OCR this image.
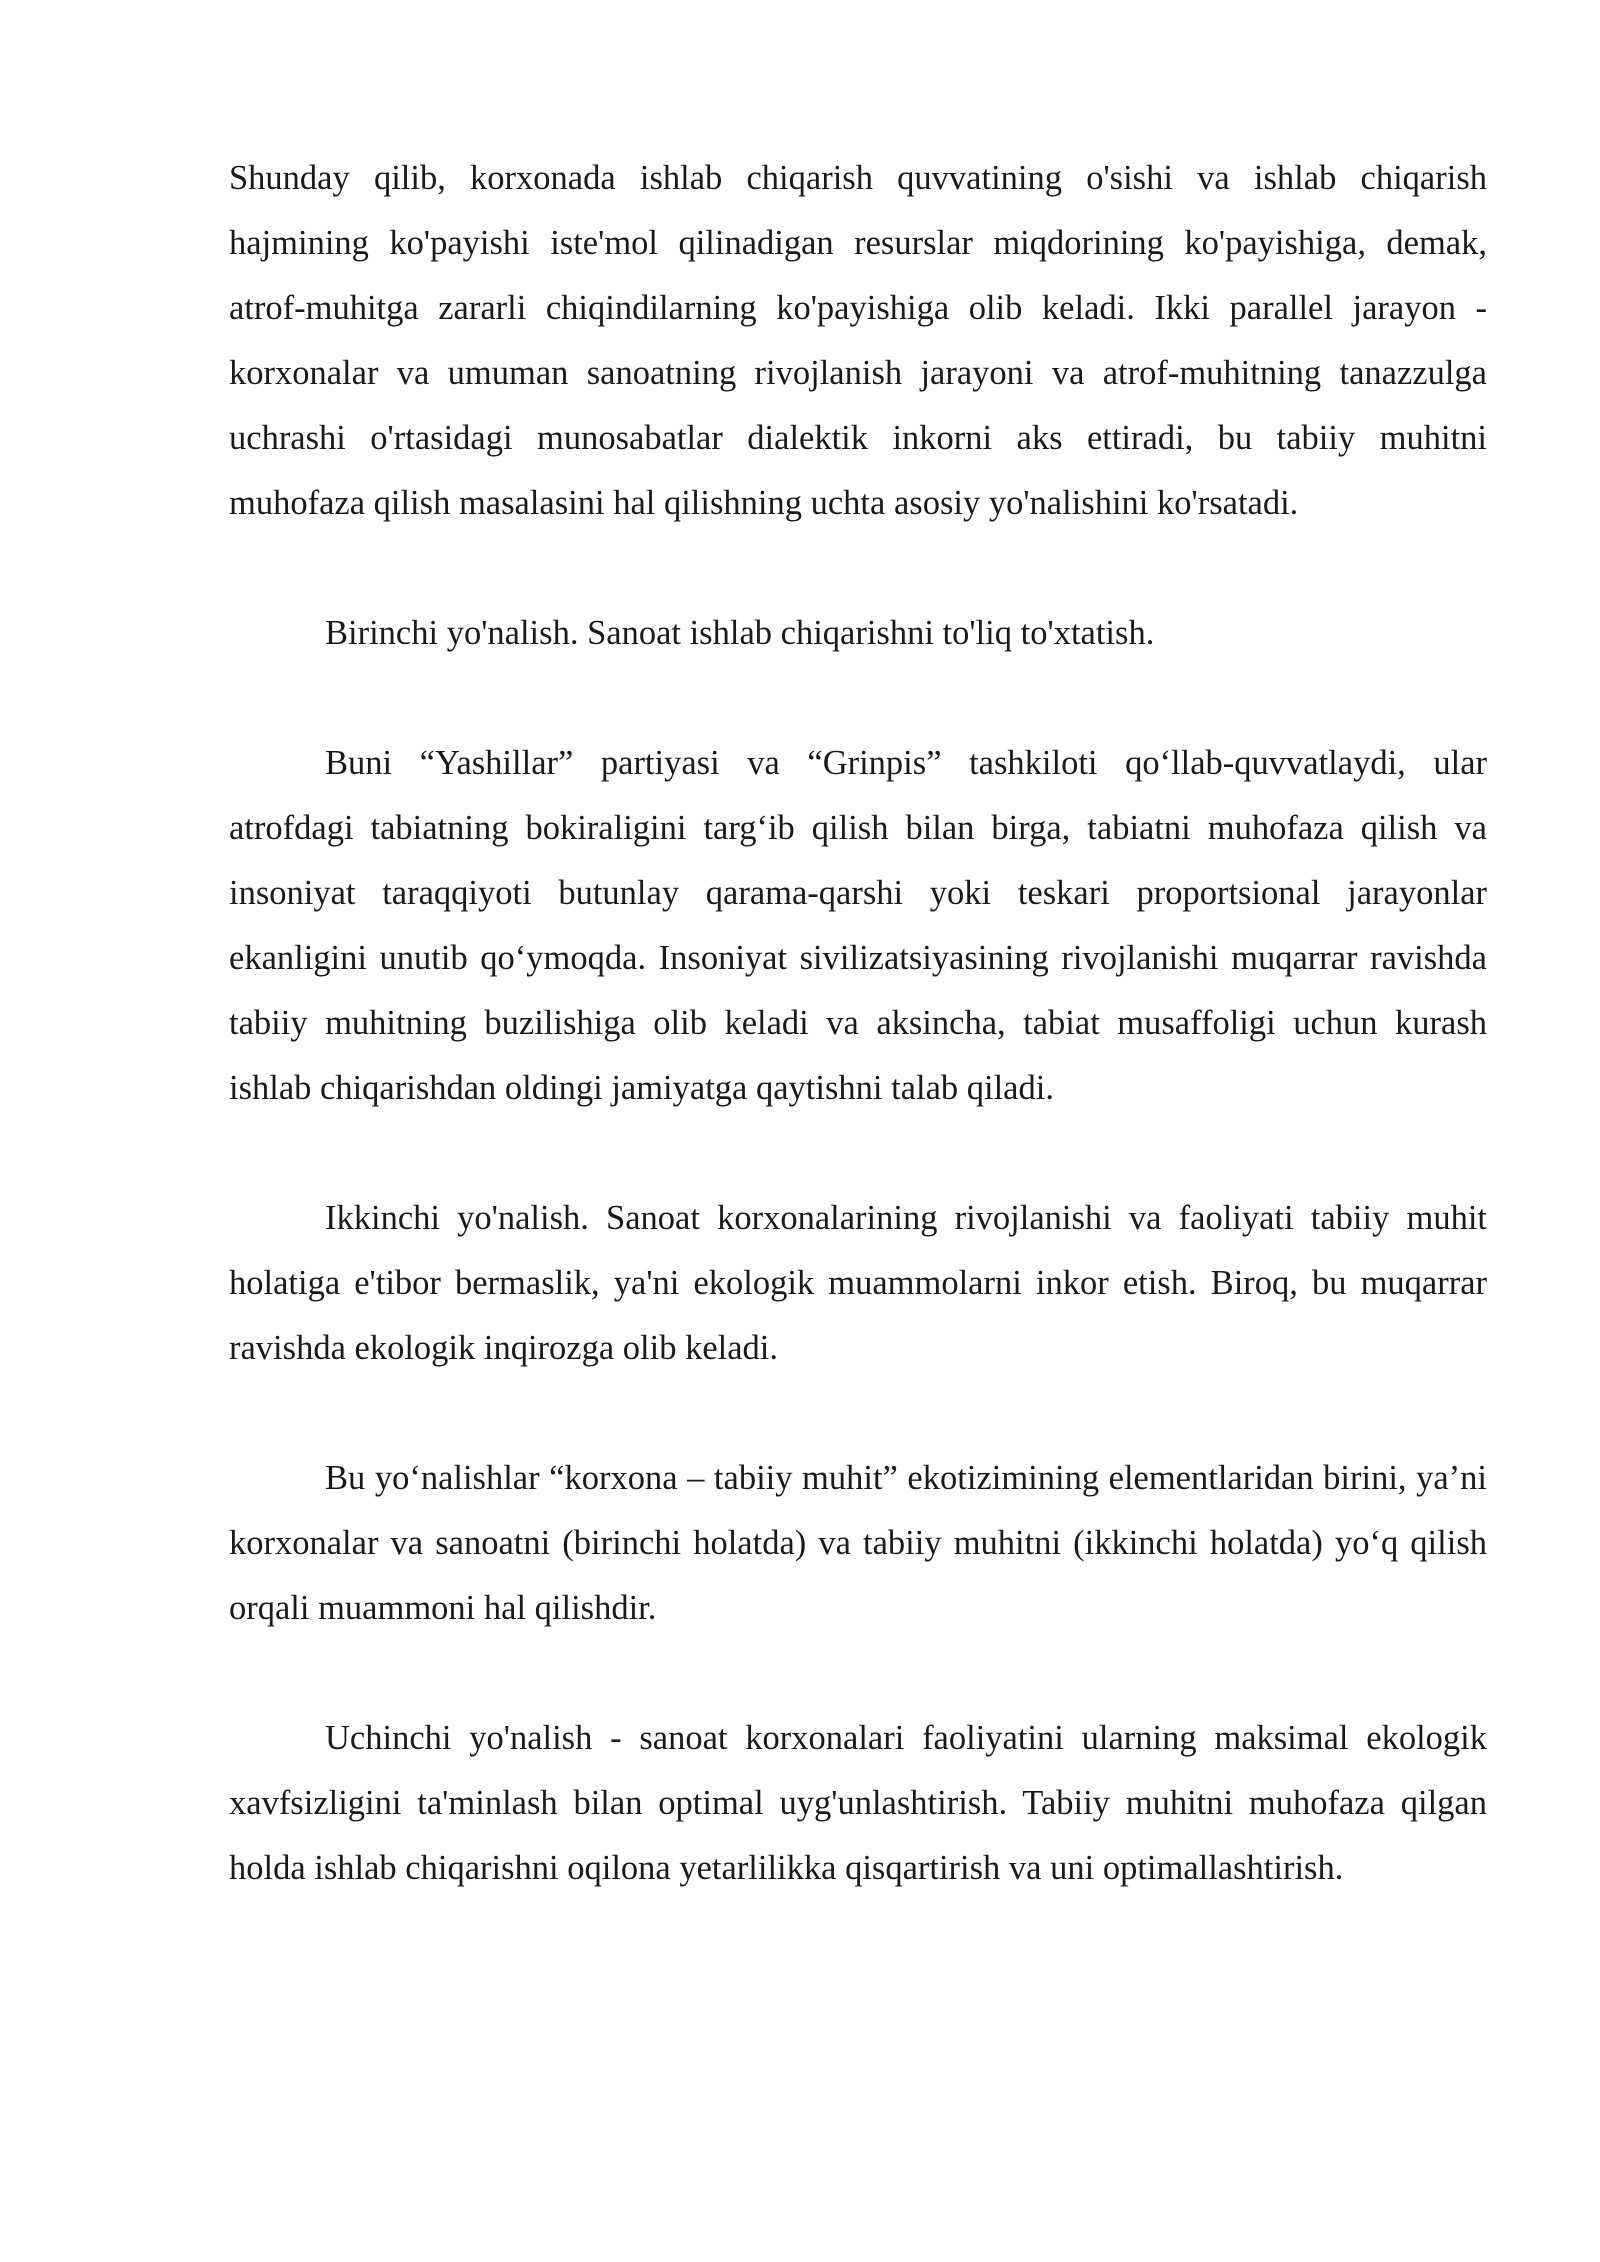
Shunday qilib, korxonada ishlab chiqarish quvvatining o'sishi va ishlab chiqarish hajmining ko'payishi iste'mol qilinadigan resurslar miqdorining ko'payishiga, demak, atrof-muhitga zararli chiqindilarning ko'payishiga olib keladi. Ikki parallel jarayon - korxonalar va umuman sanoatning rivojlanish jarayoni va atrof-muhitning tanazzulga uchrashi o'rtasidagi munosabatlar dialektik inkorni aks ettiradi, bu tabiiy muhitni muhofaza qilish masalasini hal qilishning uchta asosiy yo'nalishini ko'rsatadi.

Birinchi yo'nalish. Sanoat ishlab chiqarishni to'liq to'xtatish.

Buni “Yashillar” partiyasi va “Grinpis” tashkiloti qo‘llab-quvvatlaydi, ular atrofdagi tabiatning bokiraligini targ‘ib qilish bilan birga, tabiatni muhofaza qilish va insoniyat taraqqiyoti butunlay qarama-qarshi yoki teskari proportsional jarayonlar ekanligini unutib qo‘ymoqda. Insoniyat sivilizatsiyasining rivojlanishi muqarrar ravishda tabiiy muhitning buzilishiga olib keladi va aksincha, tabiat musaffoligi uchun kurash ishlab chiqarishdan oldingi jamiyatga qaytishni talab qiladi.

Ikkinchi yo'nalish. Sanoat korxonalarining rivojlanishi va faoliyati tabiiy muhit holatiga e'tibor bermaslik, ya'ni ekologik muammolarni inkor etish. Biroq, bu muqarrar ravishda ekologik inqirozga olib keladi.

Bu yo‘nalishlar “korxona – tabiiy muhit” ekotizimining elementlaridan birini, ya’ni korxonalar va sanoatni (birinchi holatda) va tabiiy muhitni (ikkinchi holatda) yo‘q qilish orqali muammoni hal qilishdir.

Uchinchi yo'nalish - sanoat korxonalari faoliyatini ularning maksimal ekologik xavfsizligini ta'minlash bilan optimal uyg'unlashtirish. Tabiiy muhitni muhofaza qilgan holda ishlab chiqarishni oqilona yetarlilikka qisqartirish va uni optimallashtirish.
